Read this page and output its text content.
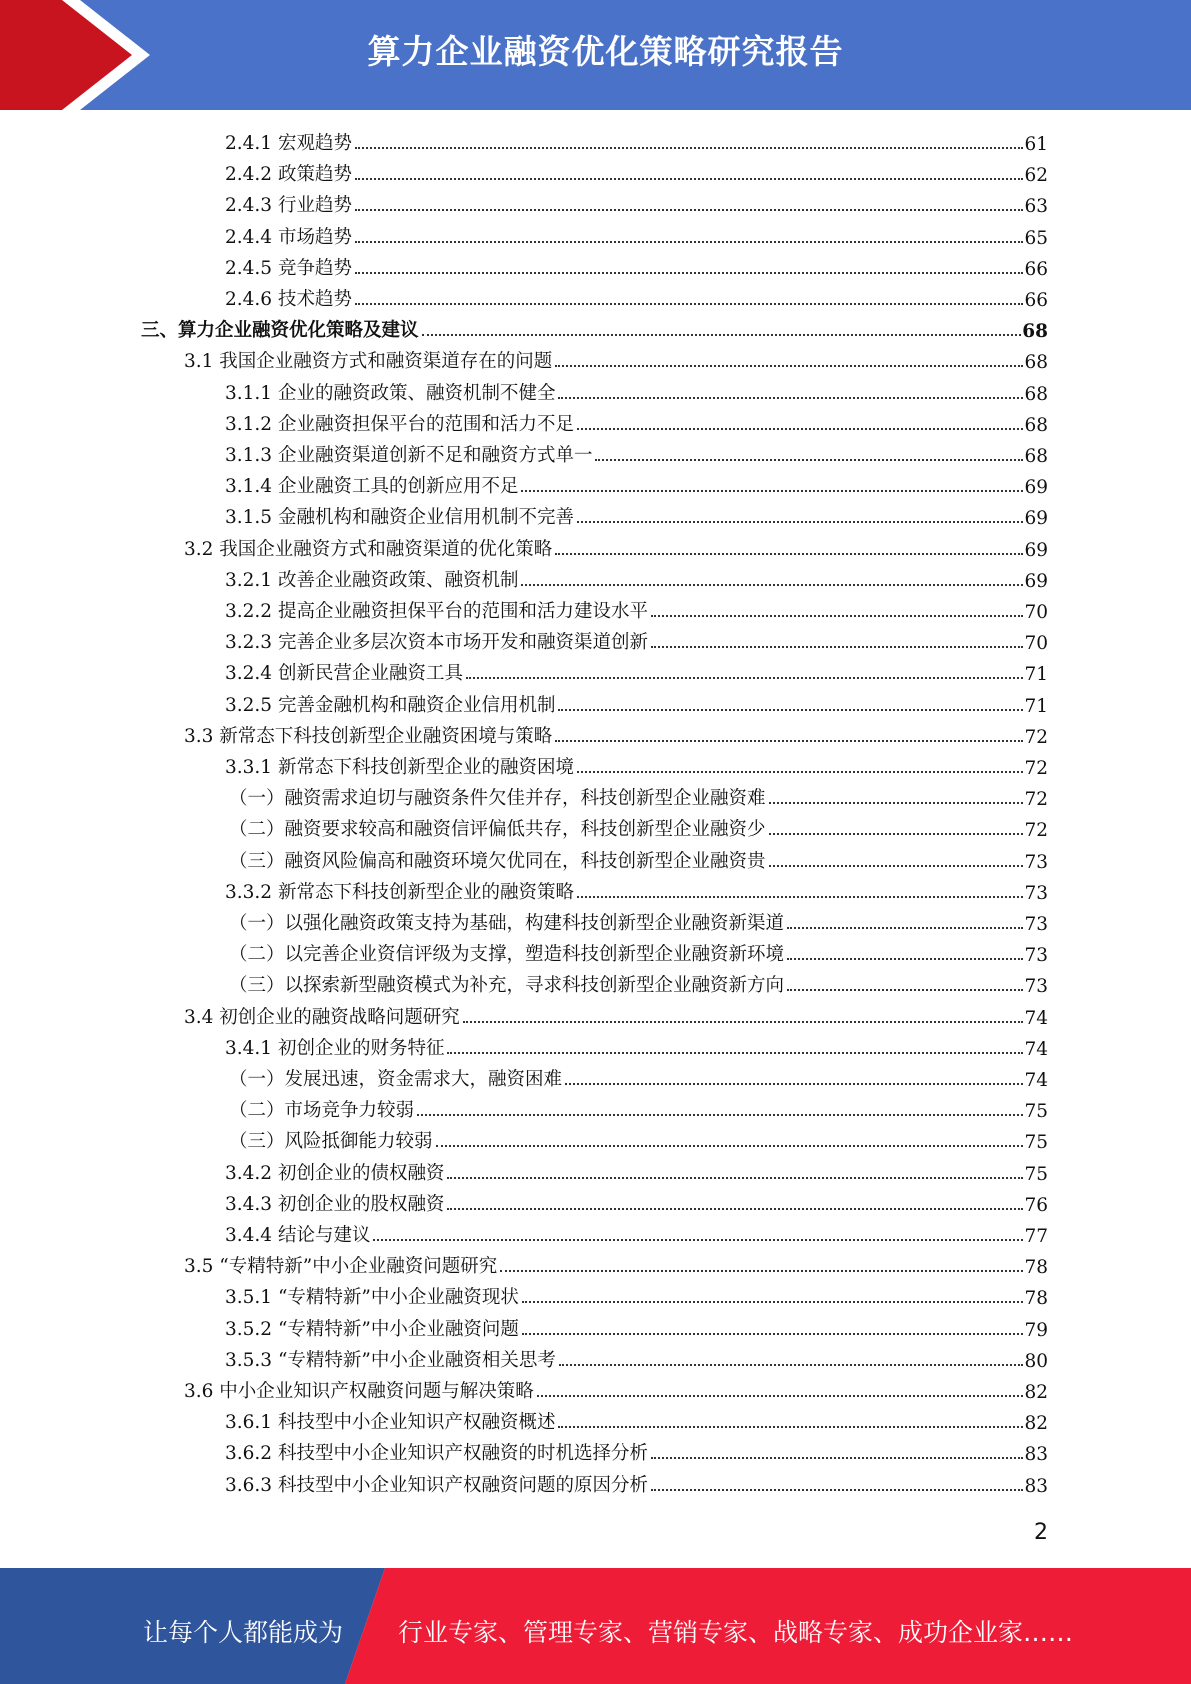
算力企业融资优化策略研究报告
2.4.1 宏观趋势	61
2.4.2 政策趋势	62
2.4.3 行业趋势	63
2.4.4 市场趋势	65
2.4.5 竞争趋势	66
2.4.6 技术趋势	66
三、算力企业融资优化策略及建议	68
3.1 我国企业融资方式和融资渠道存在的问题	68
3.1.1 企业的融资政策、融资机制不健全	68
3.1.2 企业融资担保平台的范围和活力不足	68
3.1.3 企业融资渠道创新不足和融资方式单一	68
3.1.4 企业融资工具的创新应用不足	69
3.1.5 金融机构和融资企业信用机制不完善	69
3.2 我国企业融资方式和融资渠道的优化策略	69
3.2.1 改善企业融资政策、融资机制	69
3.2.2 提高企业融资担保平台的范围和活力建设水平	70
3.2.3 完善企业多层次资本市场开发和融资渠道创新	70
3.2.4 创新民营企业融资工具	71
3.2.5 完善金融机构和融资企业信用机制	71
3.3 新常态下科技创新型企业融资困境与策略	72
3.3.1 新常态下科技创新型企业的融资困境	72
（一）融资需求迫切与融资条件欠佳并存，科技创新型企业融资难	72
（二）融资要求较高和融资信评偏低共存，科技创新型企业融资少	72
（三）融资风险偏高和融资环境欠优同在，科技创新型企业融资贵	73
3.3.2 新常态下科技创新型企业的融资策略	73
（一）以强化融资政策支持为基础，构建科技创新型企业融资新渠道	73
（二）以完善企业资信评级为支撑，塑造科技创新型企业融资新环境	73
（三）以探索新型融资模式为补充，寻求科技创新型企业融资新方向	73
3.4 初创企业的融资战略问题研究	74
3.4.1 初创企业的财务特征	74
（一）发展迅速，资金需求大，融资困难	74
（二）市场竞争力较弱	75
（三）风险抵御能力较弱	75
3.4.2 初创企业的债权融资	75
3.4.3 初创企业的股权融资	76
3.4.4 结论与建议	77
3.5 “专精特新”中小企业融资问题研究	78
3.5.1 “专精特新”中小企业融资现状	78
3.5.2 “专精特新”中小企业融资问题	79
3.5.3 “专精特新”中小企业融资相关思考	80
3.6 中小企业知识产权融资问题与解决策略	82
3.6.1 科技型中小企业知识产权融资概述	82
3.6.2 科技型中小企业知识产权融资的时机选择分析	83
3.6.3 科技型中小企业知识产权融资问题的原因分析	83
2
让每个人都能成为 行业专家、管理专家、营销专家、战略专家、成功企业家……
